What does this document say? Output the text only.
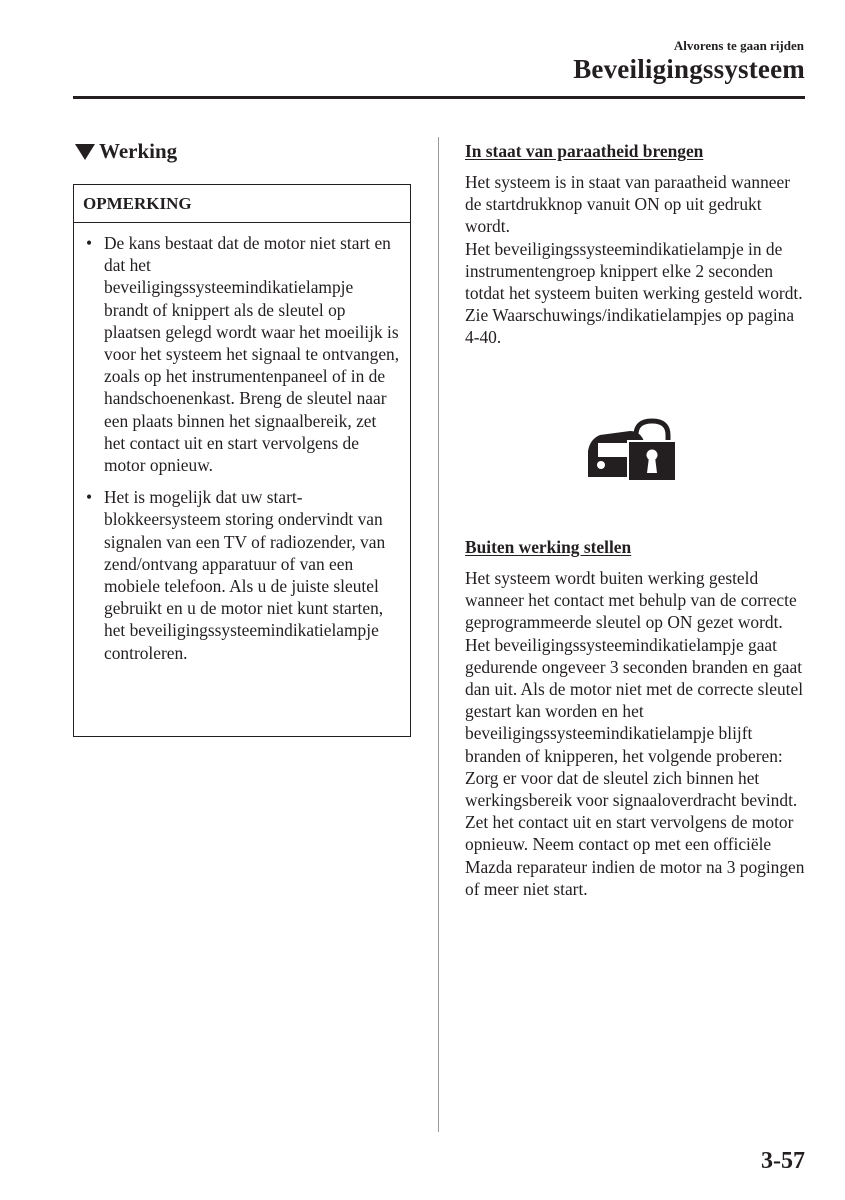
Alvorens te gaan rijden
Beveiligingssysteem
Werking
OPMERKING
• De kans bestaat dat de motor niet start en dat het beveiligingssysteemindikatielampje brandt of knippert als de sleutel op plaatsen gelegd wordt waar het moeilijk is voor het systeem het signaal te ontvangen, zoals op het instrumentenpaneel of in de handschoenenkast. Breng de sleutel naar een plaats binnen het signaalbereik, zet het contact uit en start vervolgens de motor opnieuw.
• Het is mogelijk dat uw start-blokkeersysteem storing ondervindt van signalen van een TV of radiozender, van zend/ontvang apparatuur of van een mobiele telefoon. Als u de juiste sleutel gebruikt en u de motor niet kunt starten, het beveiligingssysteemindikatielampje controleren.
In staat van paraatheid brengen

Het systeem is in staat van paraatheid wanneer de startdrukknop vanuit ON op uit gedrukt wordt.
Het beveiligingssysteemindikatielampje in de instrumentengroep knippert elke 2 seconden totdat het systeem buiten werking gesteld wordt.
Zie Waarschuwings/indikatielampjes op pagina 4-40.

Buiten werking stellen

Het systeem wordt buiten werking gesteld wanneer het contact met behulp van de correcte geprogrammeerde sleutel op ON gezet wordt. Het beveiligingssysteemindikatielampje gaat gedurende ongeveer 3 seconden branden en gaat dan uit. Als de motor niet met de correcte sleutel gestart kan worden en het beveiligingssysteemindikatielampje blijft branden of knipperen, het volgende proberen:
Zorg er voor dat de sleutel zich binnen het werkingsbereik voor signaaloverdracht bevindt. Zet het contact uit en start vervolgens de motor opnieuw. Neem contact op met een officiële Mazda reparateur indien de motor na 3 pogingen of meer niet start.

3-57
